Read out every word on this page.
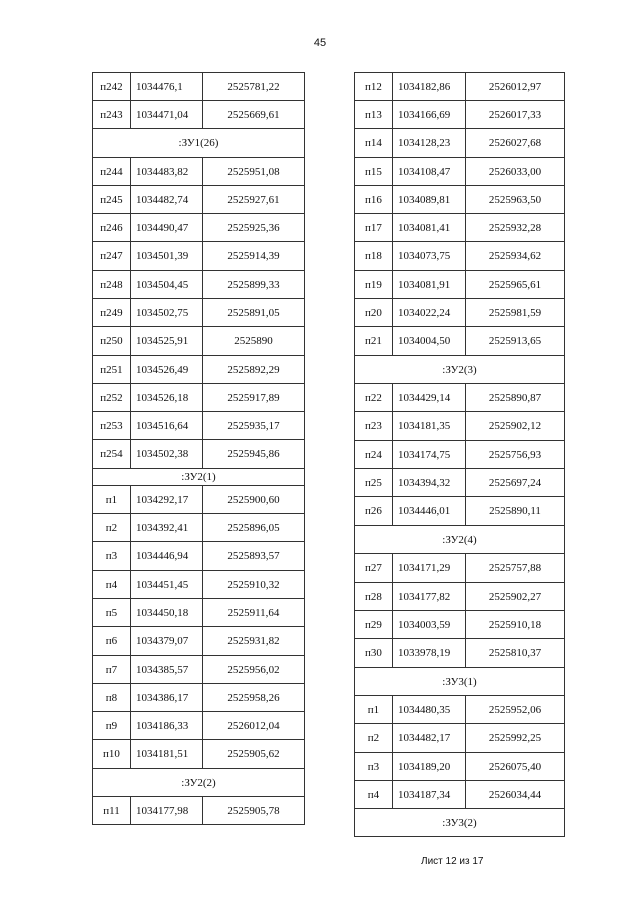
45
п242	1034476,1	2525781,22
п243	1034471,04	2525669,61
:ЗУ1(26)		
п244	1034483,82	2525951,08
п245	1034482,74	2525927,61
п246	1034490,47	2525925,36
п247	1034501,39	2525914,39
п248	1034504,45	2525899,33
п249	1034502,75	2525891,05
п250	1034525,91	2525890
п251	1034526,49	2525892,29
п252	1034526,18	2525917,89
п253	1034516,64	2525935,17
п254	1034502,38	2525945,86
:ЗУ2(1)		
п1	1034292,17	2525900,60
п2	1034392,41	2525896,05
п3	1034446,94	2525893,57
п4	1034451,45	2525910,32
п5	1034450,18	2525911,64
п6	1034379,07	2525931,82
п7	1034385,57	2525956,02
п8	1034386,17	2525958,26
п9	1034186,33	2526012,04
п10	1034181,51	2525905,62
:ЗУ2(2)		
п11	1034177,98	2525905,78
п12	1034182,86	2526012,97
п13	1034166,69	2526017,33
п14	1034128,23	2526027,68
п15	1034108,47	2526033,00
п16	1034089,81	2525963,50
п17	1034081,41	2525932,28
п18	1034073,75	2525934,62
п19	1034081,91	2525965,61
п20	1034022,24	2525981,59
п21	1034004,50	2525913,65
:ЗУ2(3)		
п22	1034429,14	2525890,87
п23	1034181,35	2525902,12
п24	1034174,75	2525756,93
п25	1034394,32	2525697,24
п26	1034446,01	2525890,11
:ЗУ2(4)		
п27	1034171,29	2525757,88
п28	1034177,82	2525902,27
п29	1034003,59	2525910,18
п30	1033978,19	2525810,37
:ЗУ3(1)		
п1	1034480,35	2525952,06
п2	1034482,17	2525992,25
п3	1034189,20	2526075,40
п4	1034187,34	2526034,44
:ЗУ3(2)		
Лист 12 из 17
